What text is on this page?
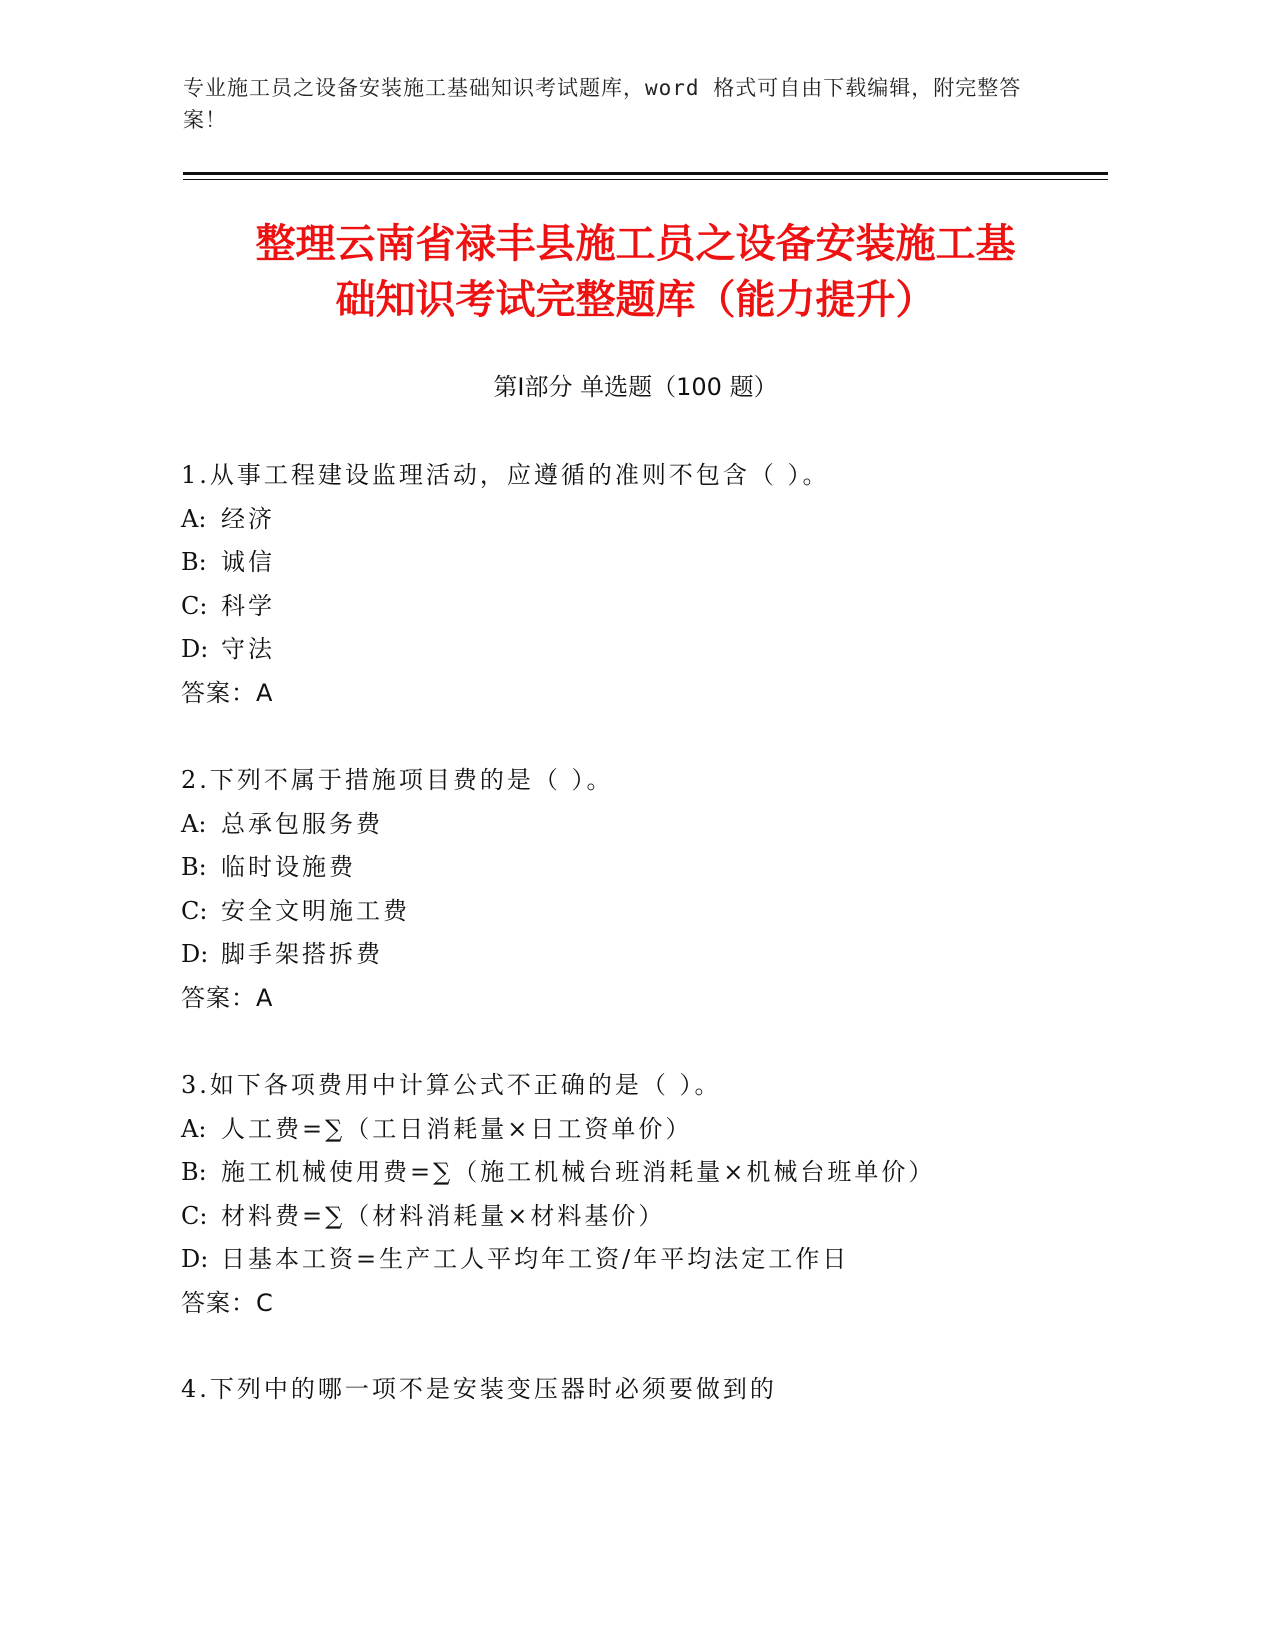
专业施工员之设备安装施工基础知识考试题库，word 格式可自由下载编辑，附完整答案！
整理云南省禄丰县施工员之设备安装施工基
础知识考试完整题库（能力提升）
第Ⅰ部分 单选题（100 题）
1.从事工程建设监理活动，应遵循的准则不包含（ ）。
A: 经济
B: 诚信
C: 科学
D: 守法
答案：A
2.下列不属于措施项目费的是（ ）。
A: 总承包服务费
B: 临时设施费
C: 安全文明施工费
D: 脚手架搭拆费
答案：A
3.如下各项费用中计算公式不正确的是（ ）。
A: 人工费=∑（工日消耗量×日工资单价）
B: 施工机械使用费=∑（施工机械台班消耗量×机械台班单价）
C: 材料费=∑（材料消耗量×材料基价）
D: 日基本工资=生产工人平均年工资/年平均法定工作日
答案：C
4.下列中的哪一项不是安装变压器时必须要做到的
